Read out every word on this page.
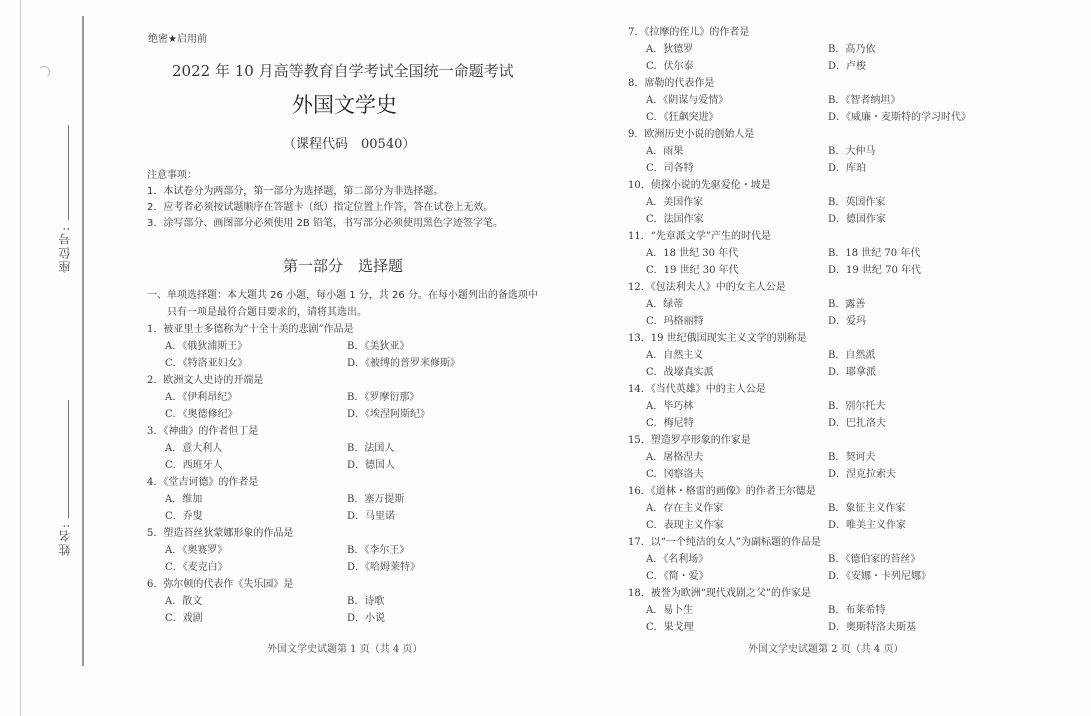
座位号:
姓名:
绝密★启用前
2022 年 10 月高等教育自学考试全国统一命题考试
外国文学史
（课程代码　00540）
注意事项：
1．本试卷分为两部分，第一部分为选择题，第二部分为非选择题。
2．应考者必须按试题顺序在答题卡（纸）指定位置上作答，答在试卷上无效。
3．涂写部分、画图部分必须使用 2B 铅笔，书写部分必须使用黑色字迹签字笔。
第一部分　选择题
一、单项选择题：本大题共 26 小题，每小题 1 分，共 26 分。在每小题列出的备选项中
只有一项是最符合题目要求的，请将其选出。
1．被亚里士多德称为“十全十美的悲剧”作品是
A．《俄狄浦斯王》	B．《美狄亚》
C．《特洛亚妇女》	D．《被缚的普罗米修斯》
2．欧洲文人史诗的开端是
A．《伊利昂纪》	B．《罗摩衍那》
C．《奥德修纪》	D．《埃涅阿斯纪》
3．《神曲》的作者但丁是
A．意大利人	B．法国人
C．西班牙人	D．德国人
4．《堂吉诃德》的作者是
A．维加	B．塞万提斯
C．乔叟	D．马里诺
5．塑造苔丝狄蒙娜形象的作品是
A．《奥赛罗》	B．《李尔王》
C．《麦克白》	D．《哈姆莱特》
6．弥尔顿的代表作《失乐园》是
A．散文	B．诗歌
C．戏剧	D．小说
外国文学史试题第 1 页（共 4 页）
7．《拉摩的侄儿》的作者是
A．狄德罗	B．高乃依
C．伏尔泰	D．卢梭
8．席勒的代表作是
A．《阴谋与爱情》	B．《智者纳坦》
C．《狂飙突进》	D．《威廉・麦斯特的学习时代》
9．欧洲历史小说的创始人是
A．雨果	B．大仲马
C．司各特	D．库珀
10．侦探小说的先驱爱伦・坡是
A．美国作家	B．英国作家
C．法国作家	D．德国作家
11．“先章派文学”产生的时代是
A．18 世纪 30 年代	B．18 世纪 70 年代
C．19 世纪 30 年代	D．19 世纪 70 年代
12．《包法利夫人》中的女主人公是
A．绿蒂	B．露善
C．玛格丽特	D．爱玛
13．19 世纪俄国现实主义文学的别称是
A．自然主义	B．自然派
C．战壕真实派	D．耶拿派
14．《当代英雄》中的主人公是
A．毕巧林	B．别尔托夫
C．梅尼特	D．巴扎洛夫
15．塑造罗亭形象的作家是
A．屠格涅夫	B．契诃夫
C．冈察洛夫	D．涅克拉索夫
16．《道林・格雷的画像》的作者王尔德是
A．存在主义作家	B．象征主义作家
C．表现主义作家	D．唯美主义作家
17．以“一个纯洁的女人”为副标题的作品是
A．《名利场》	B．《德伯家的苔丝》
C．《简・爱》	D．《安娜・卡列尼娜》
18．被誉为欧洲“现代戏剧之父”的作家是
A．易卜生	B．布莱希特
C．果戈理	D．奥斯特洛夫斯基
外国文学史试题第 2 页（共 4 页）
